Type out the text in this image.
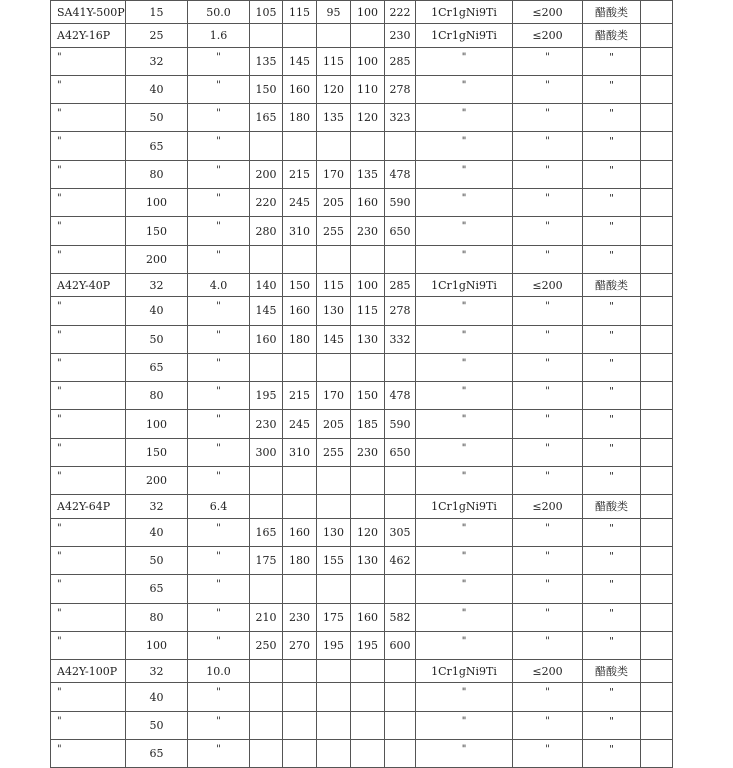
SA41Y-500P	15	50.0	105	115	95	100	222	1Cr1gNi9Ti	≤200	醋酸类	
A42Y-16P	25	1.6					230	1Cr1gNi9Ti	≤200	醋酸类	
"	32	"	135	145	115	100	285	"	"	"	
"	40	"	150	160	120	110	278	"	"	"	
"	50	"	165	180	135	120	323	"	"	"	
"	65	"						"	"	"	
"	80	"	200	215	170	135	478	"	"	"	
"	100	"	220	245	205	160	590	"	"	"	
"	150	"	280	310	255	230	650	"	"	"	
"	200	"						"	"	"	
A42Y-40P	32	4.0	140	150	115	100	285	1Cr1gNi9Ti	≤200	醋酸类	
"	40	"	145	160	130	115	278	"	"	"	
"	50	"	160	180	145	130	332	"	"	"	
"	65	"						"	"	"	
"	80	"	195	215	170	150	478	"	"	"	
"	100	"	230	245	205	185	590	"	"	"	
"	150	"	300	310	255	230	650	"	"	"	
"	200	"						"	"	"	
A42Y-64P	32	6.4						1Cr1gNi9Ti	≤200	醋酸类	
"	40	"	165	160	130	120	305	"	"	"	
"	50	"	175	180	155	130	462	"	"	"	
"	65	"						"	"	"	
"	80	"	210	230	175	160	582	"	"	"	
"	100	"	250	270	195	195	600	"	"	"	
A42Y-100P	32	10.0						1Cr1gNi9Ti	≤200	醋酸类	
"	40	"						"	"	"	
"	50	"						"	"	"	
"	65	"						"	"	"	
